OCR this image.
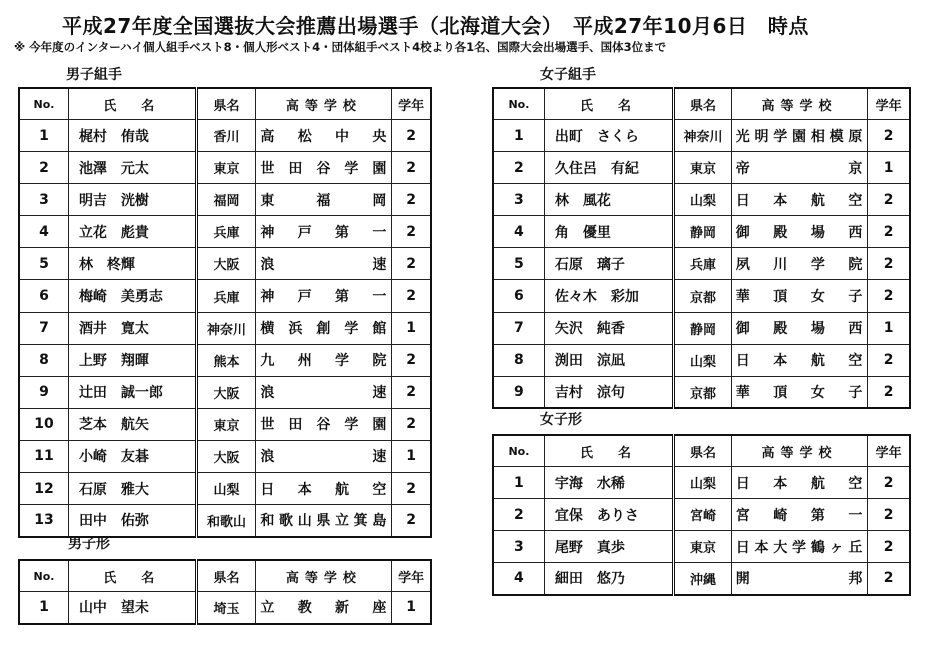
平成27年度全国選抜大会推薦出場選手（北海道大会）　平成27年10月6日　時点
※ 今年度のインターハイ個人組手ベスト8・個人形ベスト4・団体組手ベスト4校より各1名、国際大会出場選手、国体3位まで
男子組手
No.	氏　名	県名	高等学校	学年
1	梶村　侑哉	香川	高松中央	2
2	池澤　元太	東京	世田谷学園	2
3	明吉　洸樹	福岡	東福岡	2
4	立花　彪貴	兵庫	神戸第一	2
5	林　柊輝	大阪	浪速	2
6	梅崎　美勇志	兵庫	神戸第一	2
7	酒井　寛太	神奈川	横浜創学館	1
8	上野　翔暉	熊本	九州学院	2
9	辻田　誠一郎	大阪	浪速	2
10	芝本　航矢	東京	世田谷学園	2
11	小崎　友碁	大阪	浪速	1
12	石原　雅大	山梨	日本航空	2
13	田中　佑弥	和歌山	和歌山県立箕島	2
男子形
No.	氏　名	県名	高等学校	学年
1	山中　望未	埼玉	立教新座	1
女子組手
No.	氏　名	県名	高等学校	学年
1	出町　さくら	神奈川	光明学園相模原	2
2	久住呂　有紀	東京	帝京	1
3	林　風花	山梨	日本航空	2
4	角　優里	静岡	御殿場西	2
5	石原　璃子	兵庫	夙川学院	2
6	佐々木　彩加	京都	華頂女子	2
7	矢沢　純香	静岡	御殿場西	1
8	渕田　涼凪	山梨	日本航空	2
9	吉村　涼句	京都	華頂女子	2
女子形
No.	氏　名	県名	高等学校	学年
1	宇海　水稀	山梨	日本航空	2
2	宜保　ありさ	宮崎	宮崎第一	2
3	尾野　真歩	東京	日本大学鶴ヶ丘	2
4	細田　悠乃	沖縄	開邦	2
